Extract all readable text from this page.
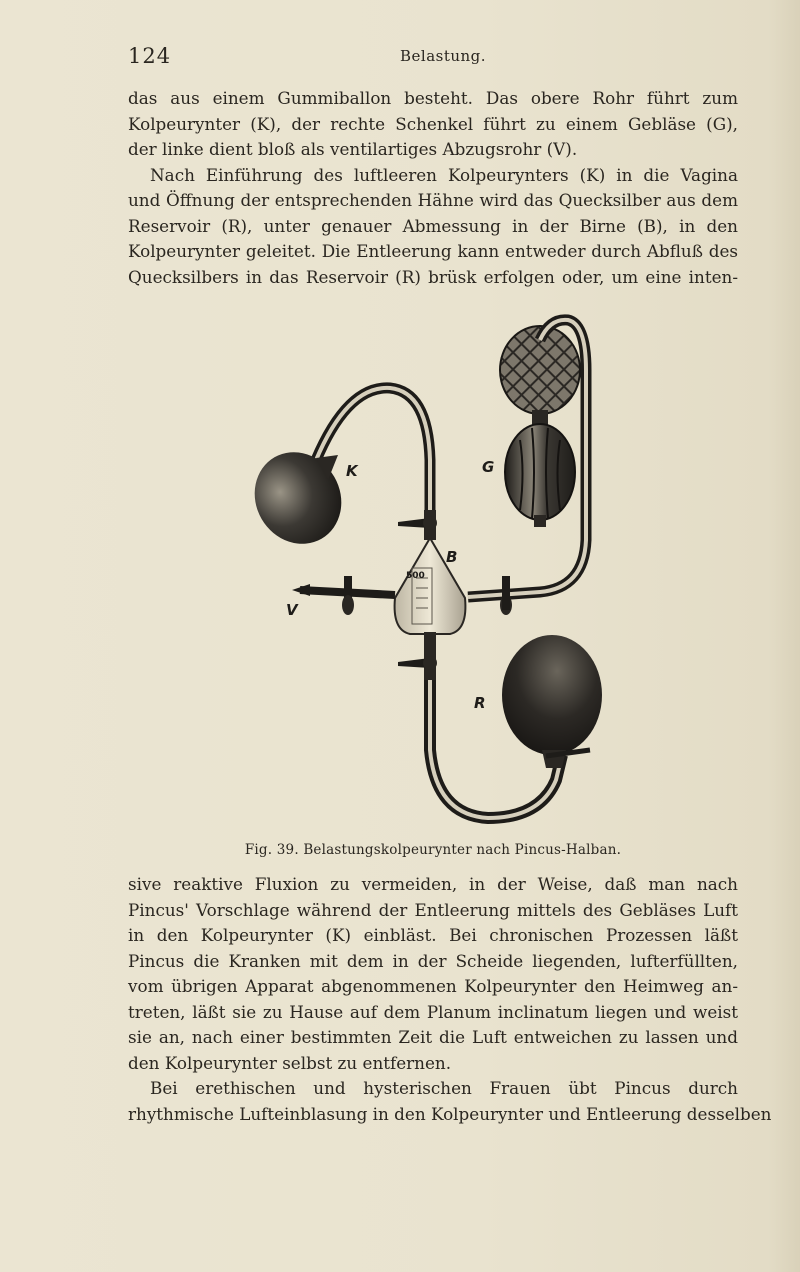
124	Belastung.
das aus einem Gummiballon besteht. Das obere Rohr führt zum
Kolpeurynter (K), der rechte Schenkel führt zu einem Gebläse (G),
der linke dient bloß als ventilartiges Abzugsrohr (V).
Nach Einführung des luftleeren Kolpeurynters (K) in die Vagina
und Öffnung der entsprechenden Hähne wird das Quecksilber aus dem
Reservoir (R), unter genauer Abmessung in der Birne (B), in den
Kolpeurynter geleitet. Die Entleerung kann entweder durch Abfluß des
Quecksilbers in das Reservoir (R) brüsk erfolgen oder, um eine inten-
K	G
B
500
V
R
Fig. 39. Belastungskolpeurynter nach Pincus-Halban.
sive reaktive Fluxion zu vermeiden, in der Weise, daß man nach
Pincus' Vorschlage während der Entleerung mittels des Gebläses Luft
in den Kolpeurynter (K) einbläst. Bei chronischen Prozessen läßt
Pincus die Kranken mit dem in der Scheide liegenden, lufterfüllten,
vom übrigen Apparat abgenommenen Kolpeurynter den Heimweg an-
treten, läßt sie zu Hause auf dem Planum inclinatum liegen und weist
sie an, nach einer bestimmten Zeit die Luft entweichen zu lassen und
den Kolpeurynter selbst zu entfernen.
Bei erethischen und hysterischen Frauen übt Pincus durch
rhythmische Lufteinblasung in den Kolpeurynter und Entleerung desselben
